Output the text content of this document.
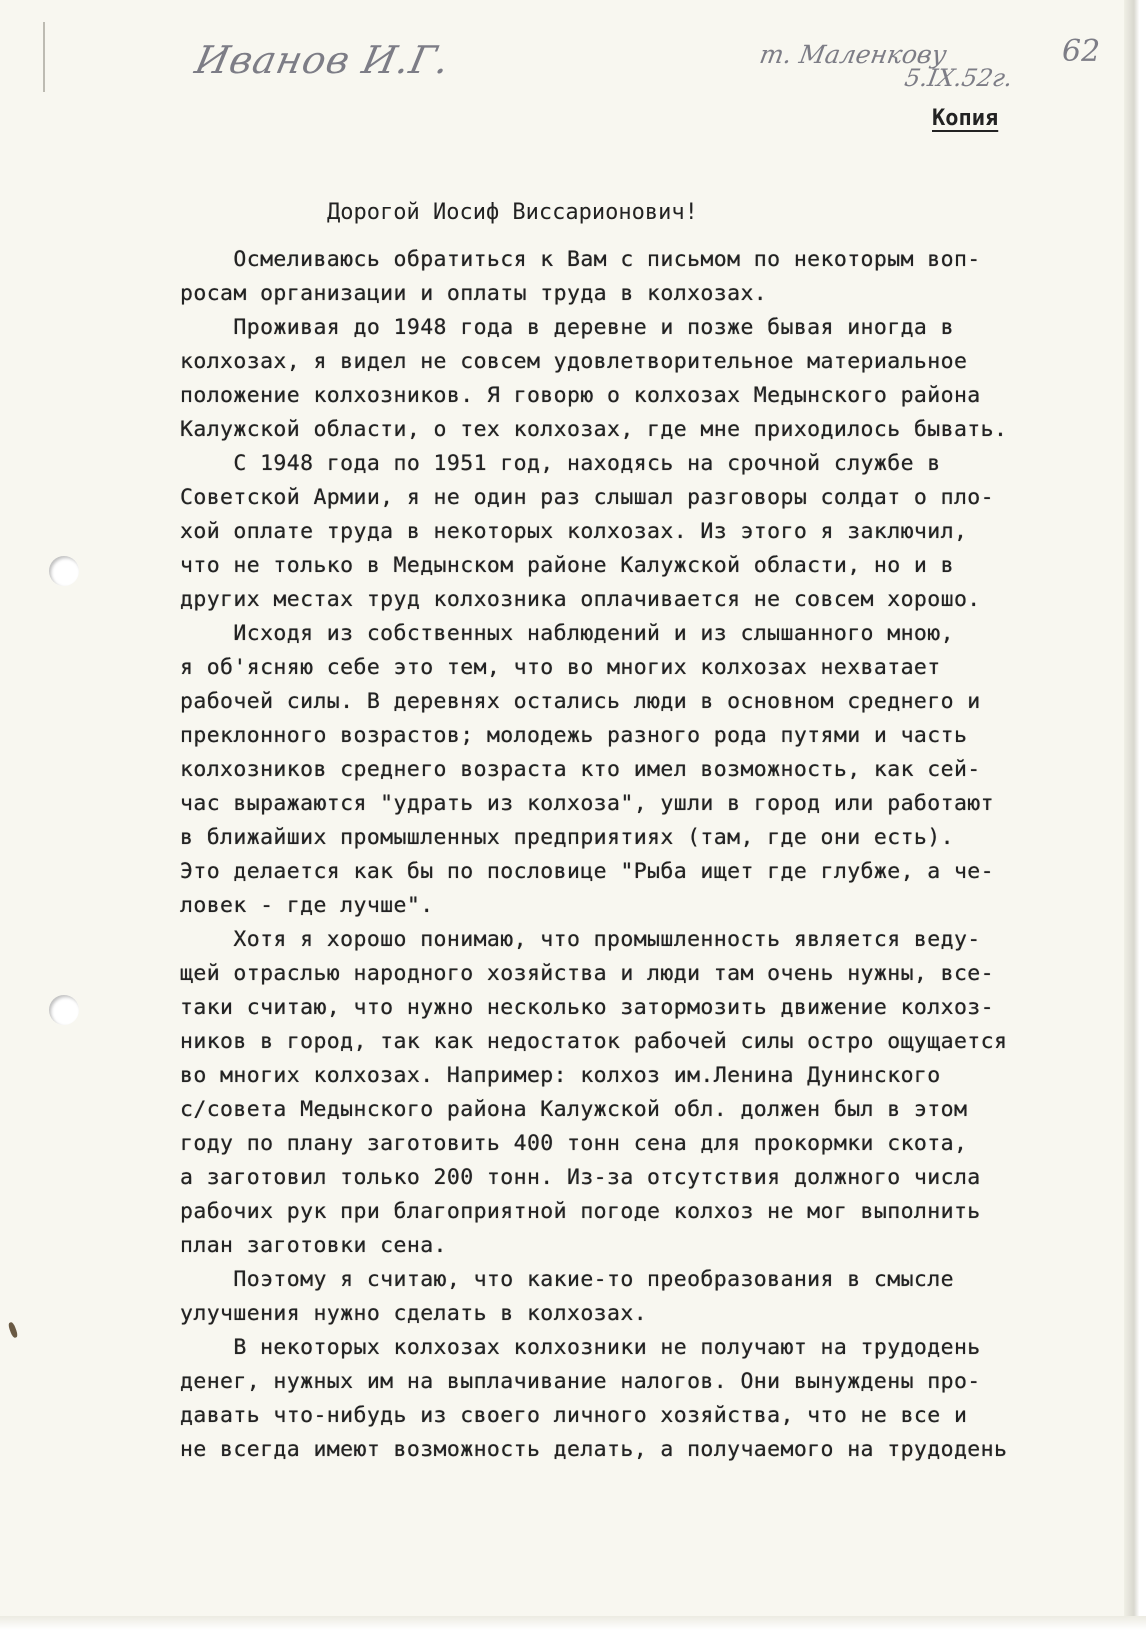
Иванов И.Г.	т. Маленкову
5.IX.52г.
62
Копия
Дорогой Иосиф Виссарионович!
Осмеливаюсь обратиться к Вам с письмом по некоторым воп-
росам организации и оплаты труда в колхозах.
Проживая до 1948 года в деревне и позже бывая иногда в
колхозах, я видел не совсем удовлетворительное материальное
положение колхозников. Я говорю о колхозах Медынского района
Калужской области, о тех колхозах, где мне приходилось бывать.
С 1948 года по 1951 год, находясь на срочной службе в
Советской Армии, я не один раз слышал разговоры солдат о пло-
хой оплате труда в некоторых колхозах. Из этого я заключил,
что не только в Медынском районе Калужской области, но и в
других местах труд колхозника оплачивается не совсем хорошо.
Исходя из собственных наблюдений и из слышанного мною,
я об'ясняю себе это тем, что во многих колхозах нехватает
рабочей силы. В деревнях остались люди в основном среднего и
преклонного возрастов; молодежь разного рода путями и часть
колхозников среднего возраста кто имел возможность, как сей-
час выражаются "удрать из колхоза", ушли в город или работают
в ближайших промышленных предприятиях (там, где они есть).
Это делается как бы по пословице "Рыба ищет где глубже, а че-
ловек - где лучше".
Хотя я хорошо понимаю, что промышленность является веду-
щей отраслью народного хозяйства и люди там очень нужны, все-
таки считаю, что нужно несколько затормозить движение колхоз-
ников в город, так как недостаток рабочей силы остро ощущается
во многих колхозах. Например: колхоз им.Ленина Дунинского
с/совета Медынского района Калужской обл. должен был в этом
году по плану заготовить 400 тонн сена для прокормки скота,
а заготовил только 200 тонн. Из-за отсутствия должного числа
рабочих рук при благоприятной погоде колхоз не мог выполнить
план заготовки сена.
Поэтому я считаю, что какие-то преобразования в смысле
улучшения нужно сделать в колхозах.
В некоторых колхозах колхозники не получают на трудодень
денег, нужных им на выплачивание налогов. Они вынуждены про-
давать что-нибудь из своего личного хозяйства, что не все и
не всегда имеют возможность делать, а получаемого на трудодень
